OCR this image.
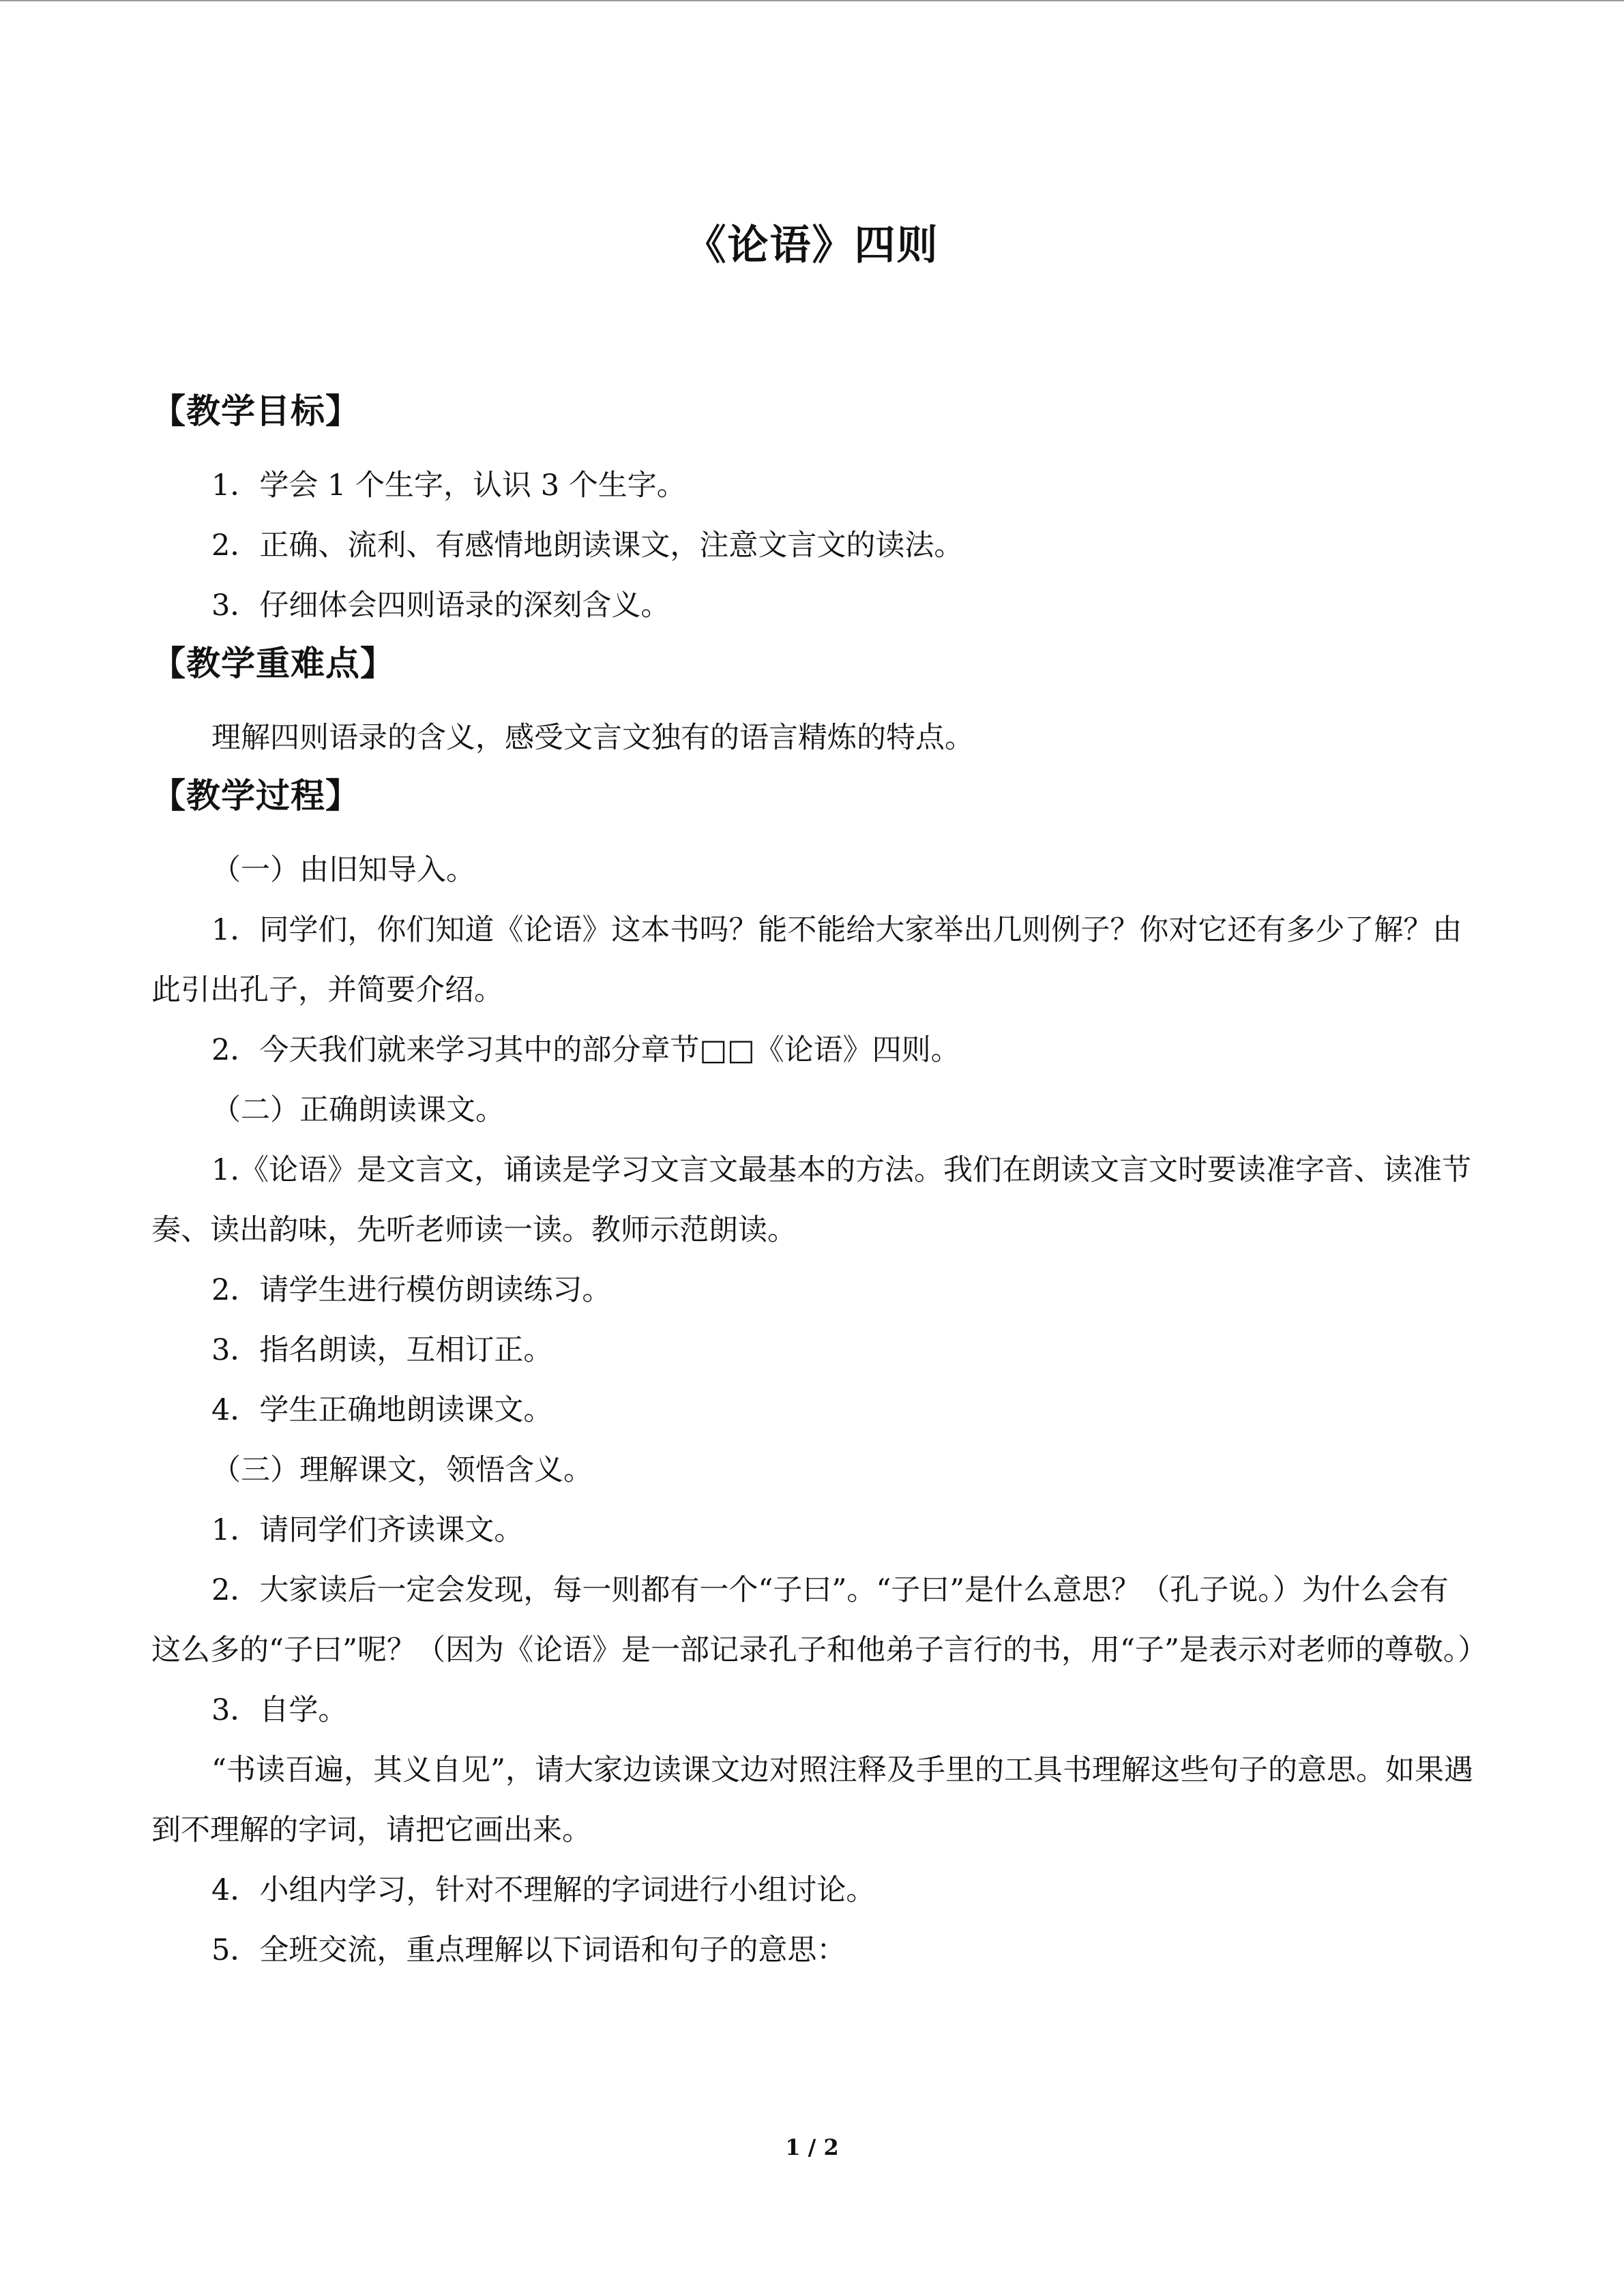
《论语》四则
【教学目标】

1．学会 1 个生字，认识 3 个生字。

2．正确、流利、有感情地朗读课文，注意文言文的读法。

3．仔细体会四则语录的深刻含义。

【教学重难点】

理解四则语录的含义，感受文言文独有的语言精炼的特点。

【教学过程】

（一）由旧知导入。

1．同学们，你们知道《论语》这本书吗？能不能给大家举出几则例子？你对它还有多少了解？由此引出孔子，并简要介绍。

2．今天我们就来学习其中的部分章节□□《论语》四则。

（二）正确朗读课文。

1.《论语》是文言文，诵读是学习文言文最基本的方法。我们在朗读文言文时要读准字音、读准节奏、读出韵味，先听老师读一读。教师示范朗读。

2．请学生进行模仿朗读练习。

3．指名朗读，互相订正。

4．学生正确地朗读课文。

（三）理解课文，领悟含义。

1．请同学们齐读课文。

2．大家读后一定会发现，每一则都有一个“子曰”。“子曰”是什么意思？（孔子说。）为什么会有这么多的“子曰”呢？（因为《论语》是一部记录孔子和他弟子言行的书，用“子”是表示对老师的尊敬。）

3．自学。

“书读百遍，其义自见”，请大家边读课文边对照注释及手里的工具书理解这些句子的意思。如果遇到不理解的字词，请把它画出来。

4．小组内学习，针对不理解的字词进行小组讨论。

5．全班交流，重点理解以下词语和句子的意思：

1 / 2
